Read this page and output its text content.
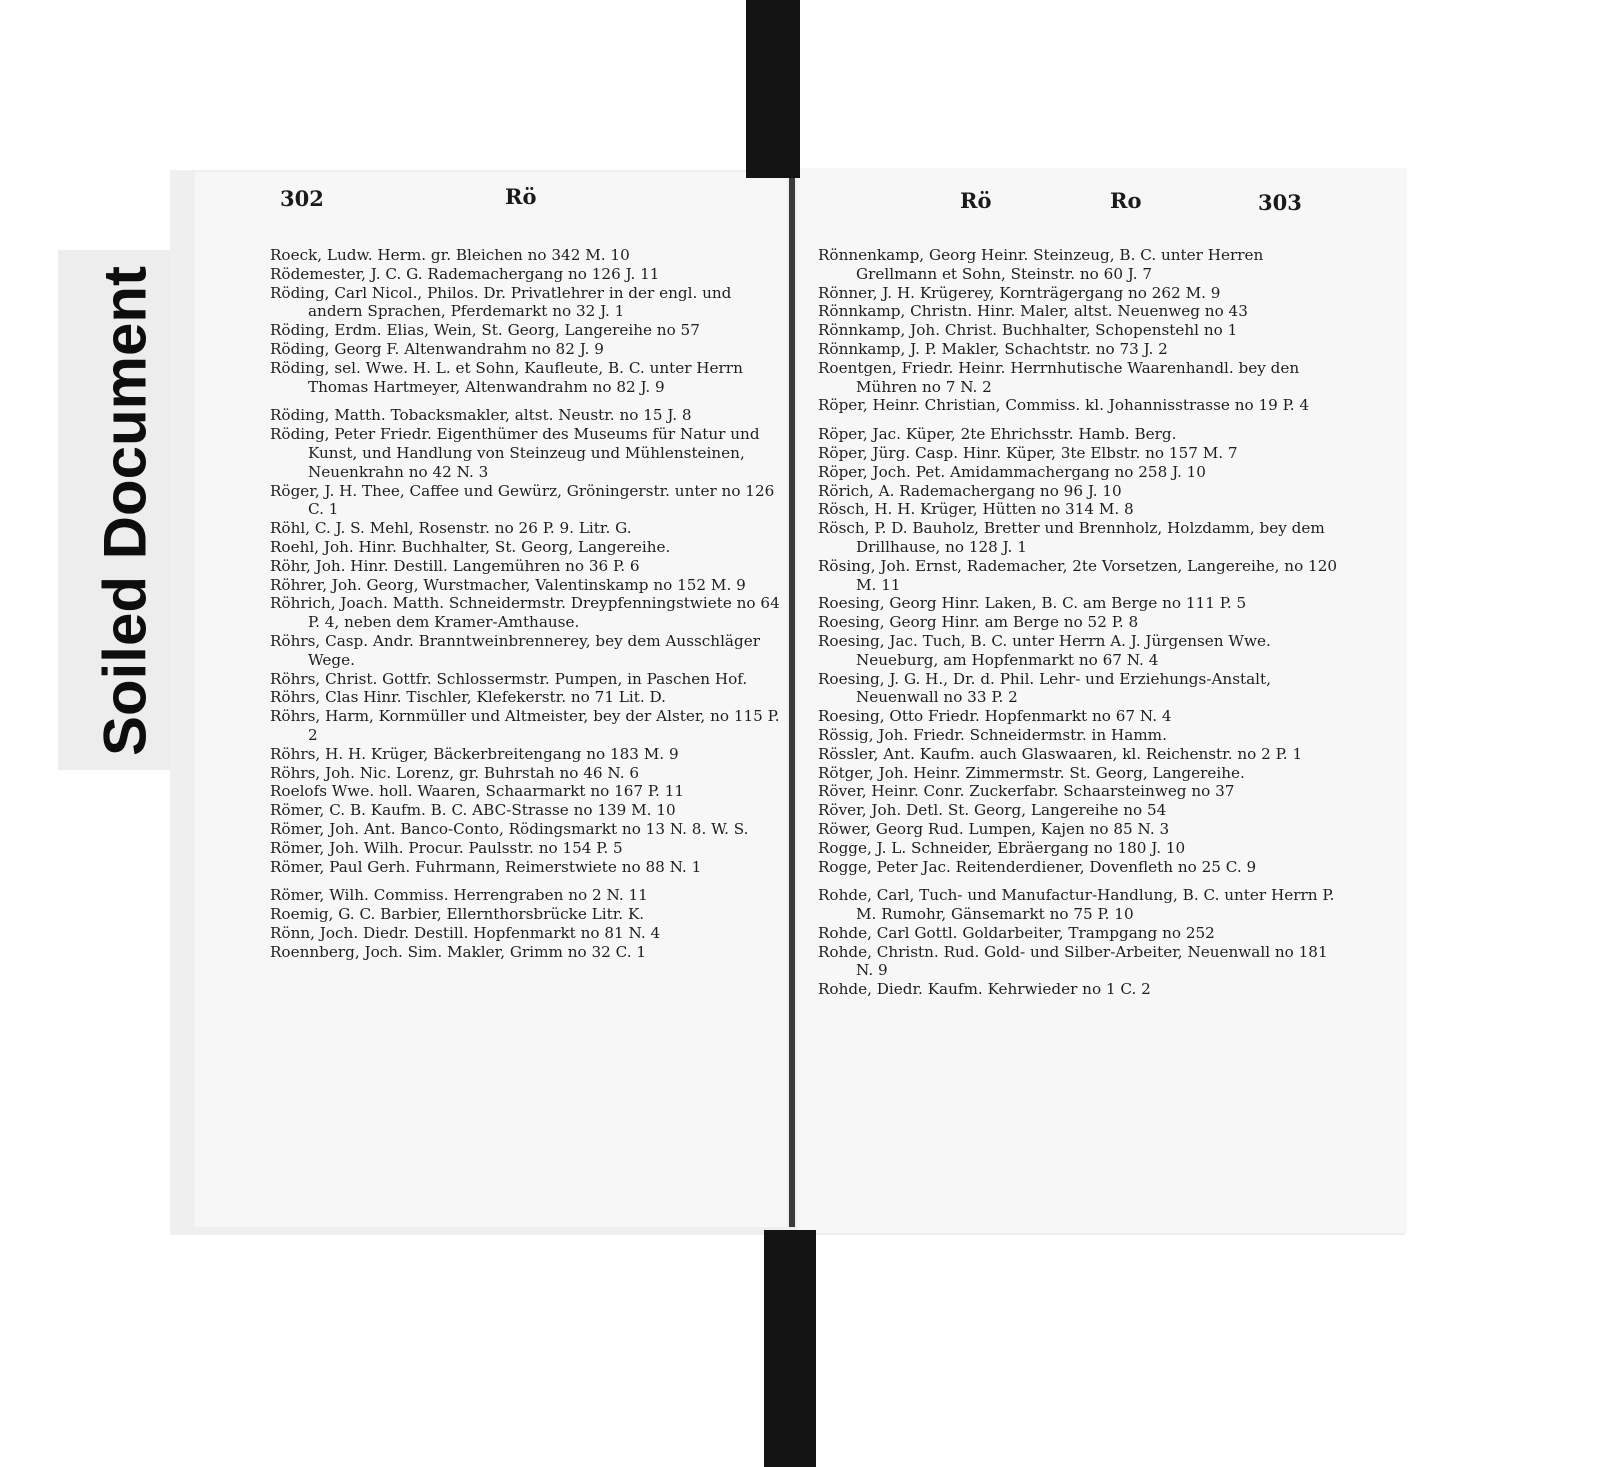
Soiled Document
302	Rö	Rö	Ro	303
Roeck, Ludw. Herm. gr. Bleichen no 342 M. 10
Rödemester, J. C. G. Rademachergang no 126 J. 11
Röding, Carl Nicol., Philos. Dr. Privatlehrer in der engl. und andern Sprachen, Pferdemarkt no 32 J. 1
Röding, Erdm. Elias, Wein, St. Georg, Langereihe no 57
Röding, Georg F. Altenwandrahm no 82 J. 9
Röding, sel. Wwe. H. L. et Sohn, Kaufleute, B. C. unter Herrn Thomas Hartmeyer, Altenwandrahm no 82 J. 9
Röding, Matth. Tobacksmakler, altst. Neustr. no 15 J. 8
Röding, Peter Friedr. Eigenthümer des Museums für Natur und Kunst, und Handlung von Steinzeug und Mühlensteinen, Neuenkrahn no 42 N. 3
Röger, J. H. Thee, Caffee und Gewürz, Gröningerstr. unter no 126 C. 1
Röhl, C. J. S. Mehl, Rosenstr. no 26 P. 9. Litr. G.
Roehl, Joh. Hinr. Buchhalter, St. Georg, Langereihe.
Röhr, Joh. Hinr. Destill. Langemühren no 36 P. 6
Röhrer, Joh. Georg, Wurstmacher, Valentinskamp no 152 M. 9
Röhrich, Joach. Matth. Schneidermstr. Dreypfenningstwiete no 64 P. 4, neben dem Kramer-Amthause.
Röhrs, Casp. Andr. Branntweinbrennerey, bey dem Ausschläger Wege.
Röhrs, Christ. Gottfr. Schlossermstr. Pumpen, in Paschen Hof.
Röhrs, Clas Hinr. Tischler, Klefekerstr. no 71 Lit. D.
Röhrs, Harm, Kornmüller und Altmeister, bey der Alster, no 115 P. 2
Röhrs, H. H. Krüger, Bäckerbreitengang no 183 M. 9
Röhrs, Joh. Nic. Lorenz, gr. Buhrstah no 46 N. 6
Roelofs Wwe. holl. Waaren, Schaarmarkt no 167 P. 11
Römer, C. B. Kaufm. B. C. ABC-Strasse no 139 M. 10
Römer, Joh. Ant. Banco-Conto, Rödingsmarkt no 13 N. 8. W. S.
Römer, Joh. Wilh. Procur. Paulsstr. no 154 P. 5
Römer, Paul Gerh. Fuhrmann, Reimerstwiete no 88 N. 1
Römer, Wilh. Commiss. Herrengraben no 2 N. 11
Roemig, G. C. Barbier, Ellernthorsbrücke Litr. K.
Rönn, Joch. Diedr. Destill. Hopfenmarkt no 81 N. 4
Roennberg, Joch. Sim. Makler, Grimm no 32 C. 1
Rönnenkamp, Georg Heinr. Steinzeug, B. C. unter Herren Grellmann et Sohn, Steinstr. no 60 J. 7
Rönner, J. H. Krügerey, Kornträgergang no 262 M. 9
Rönnkamp, Christn. Hinr. Maler, altst. Neuenweg no 43
Rönnkamp, Joh. Christ. Buchhalter, Schopenstehl no 1
Rönnkamp, J. P. Makler, Schachtstr. no 73 J. 2
Roentgen, Friedr. Heinr. Herrnhutische Waarenhandl. bey den Mühren no 7 N. 2
Röper, Heinr. Christian, Commiss. kl. Johannisstrasse no 19 P. 4
Röper, Jac. Küper, 2te Ehrichsstr. Hamb. Berg.
Röper, Jürg. Casp. Hinr. Küper, 3te Elbstr. no 157 M. 7
Röper, Joch. Pet. Amidammachergang no 258 J. 10
Rörich, A. Rademachergang no 96 J. 10
Rösch, H. H. Krüger, Hütten no 314 M. 8
Rösch, P. D. Bauholz, Bretter und Brennholz, Holzdamm, bey dem Drillhause, no 128 J. 1
Rösing, Joh. Ernst, Rademacher, 2te Vorsetzen, Langereihe, no 120 M. 11
Roesing, Georg Hinr. Laken, B. C. am Berge no 111 P. 5
Roesing, Georg Hinr. am Berge no 52 P. 8
Roesing, Jac. Tuch, B. C. unter Herrn A. J. Jürgensen Wwe. Neueburg, am Hopfenmarkt no 67 N. 4
Roesing, J. G. H., Dr. d. Phil. Lehr- und Erziehungs-Anstalt, Neuenwall no 33 P. 2
Roesing, Otto Friedr. Hopfenmarkt no 67 N. 4
Rössig, Joh. Friedr. Schneidermstr. in Hamm.
Rössler, Ant. Kaufm. auch Glaswaaren, kl. Reichenstr. no 2 P. 1
Rötger, Joh. Heinr. Zimmermstr. St. Georg, Langereihe.
Röver, Heinr. Conr. Zuckerfabr. Schaarsteinweg no 37
Röver, Joh. Detl. St. Georg, Langereihe no 54
Röwer, Georg Rud. Lumpen, Kajen no 85 N. 3
Rogge, J. L. Schneider, Ebräergang no 180 J. 10
Rogge, Peter Jac. Reitenderdiener, Dovenfleth no 25 C. 9
Rohde, Carl, Tuch- und Manufactur-Handlung, B. C. unter Herrn P. M. Rumohr, Gänsemarkt no 75 P. 10
Rohde, Carl Gottl. Goldarbeiter, Trampgang no 252
Rohde, Christn. Rud. Gold- und Silber-Arbeiter, Neuenwall no 181 N. 9
Rohde, Diedr. Kaufm. Kehrwieder no 1 C. 2
